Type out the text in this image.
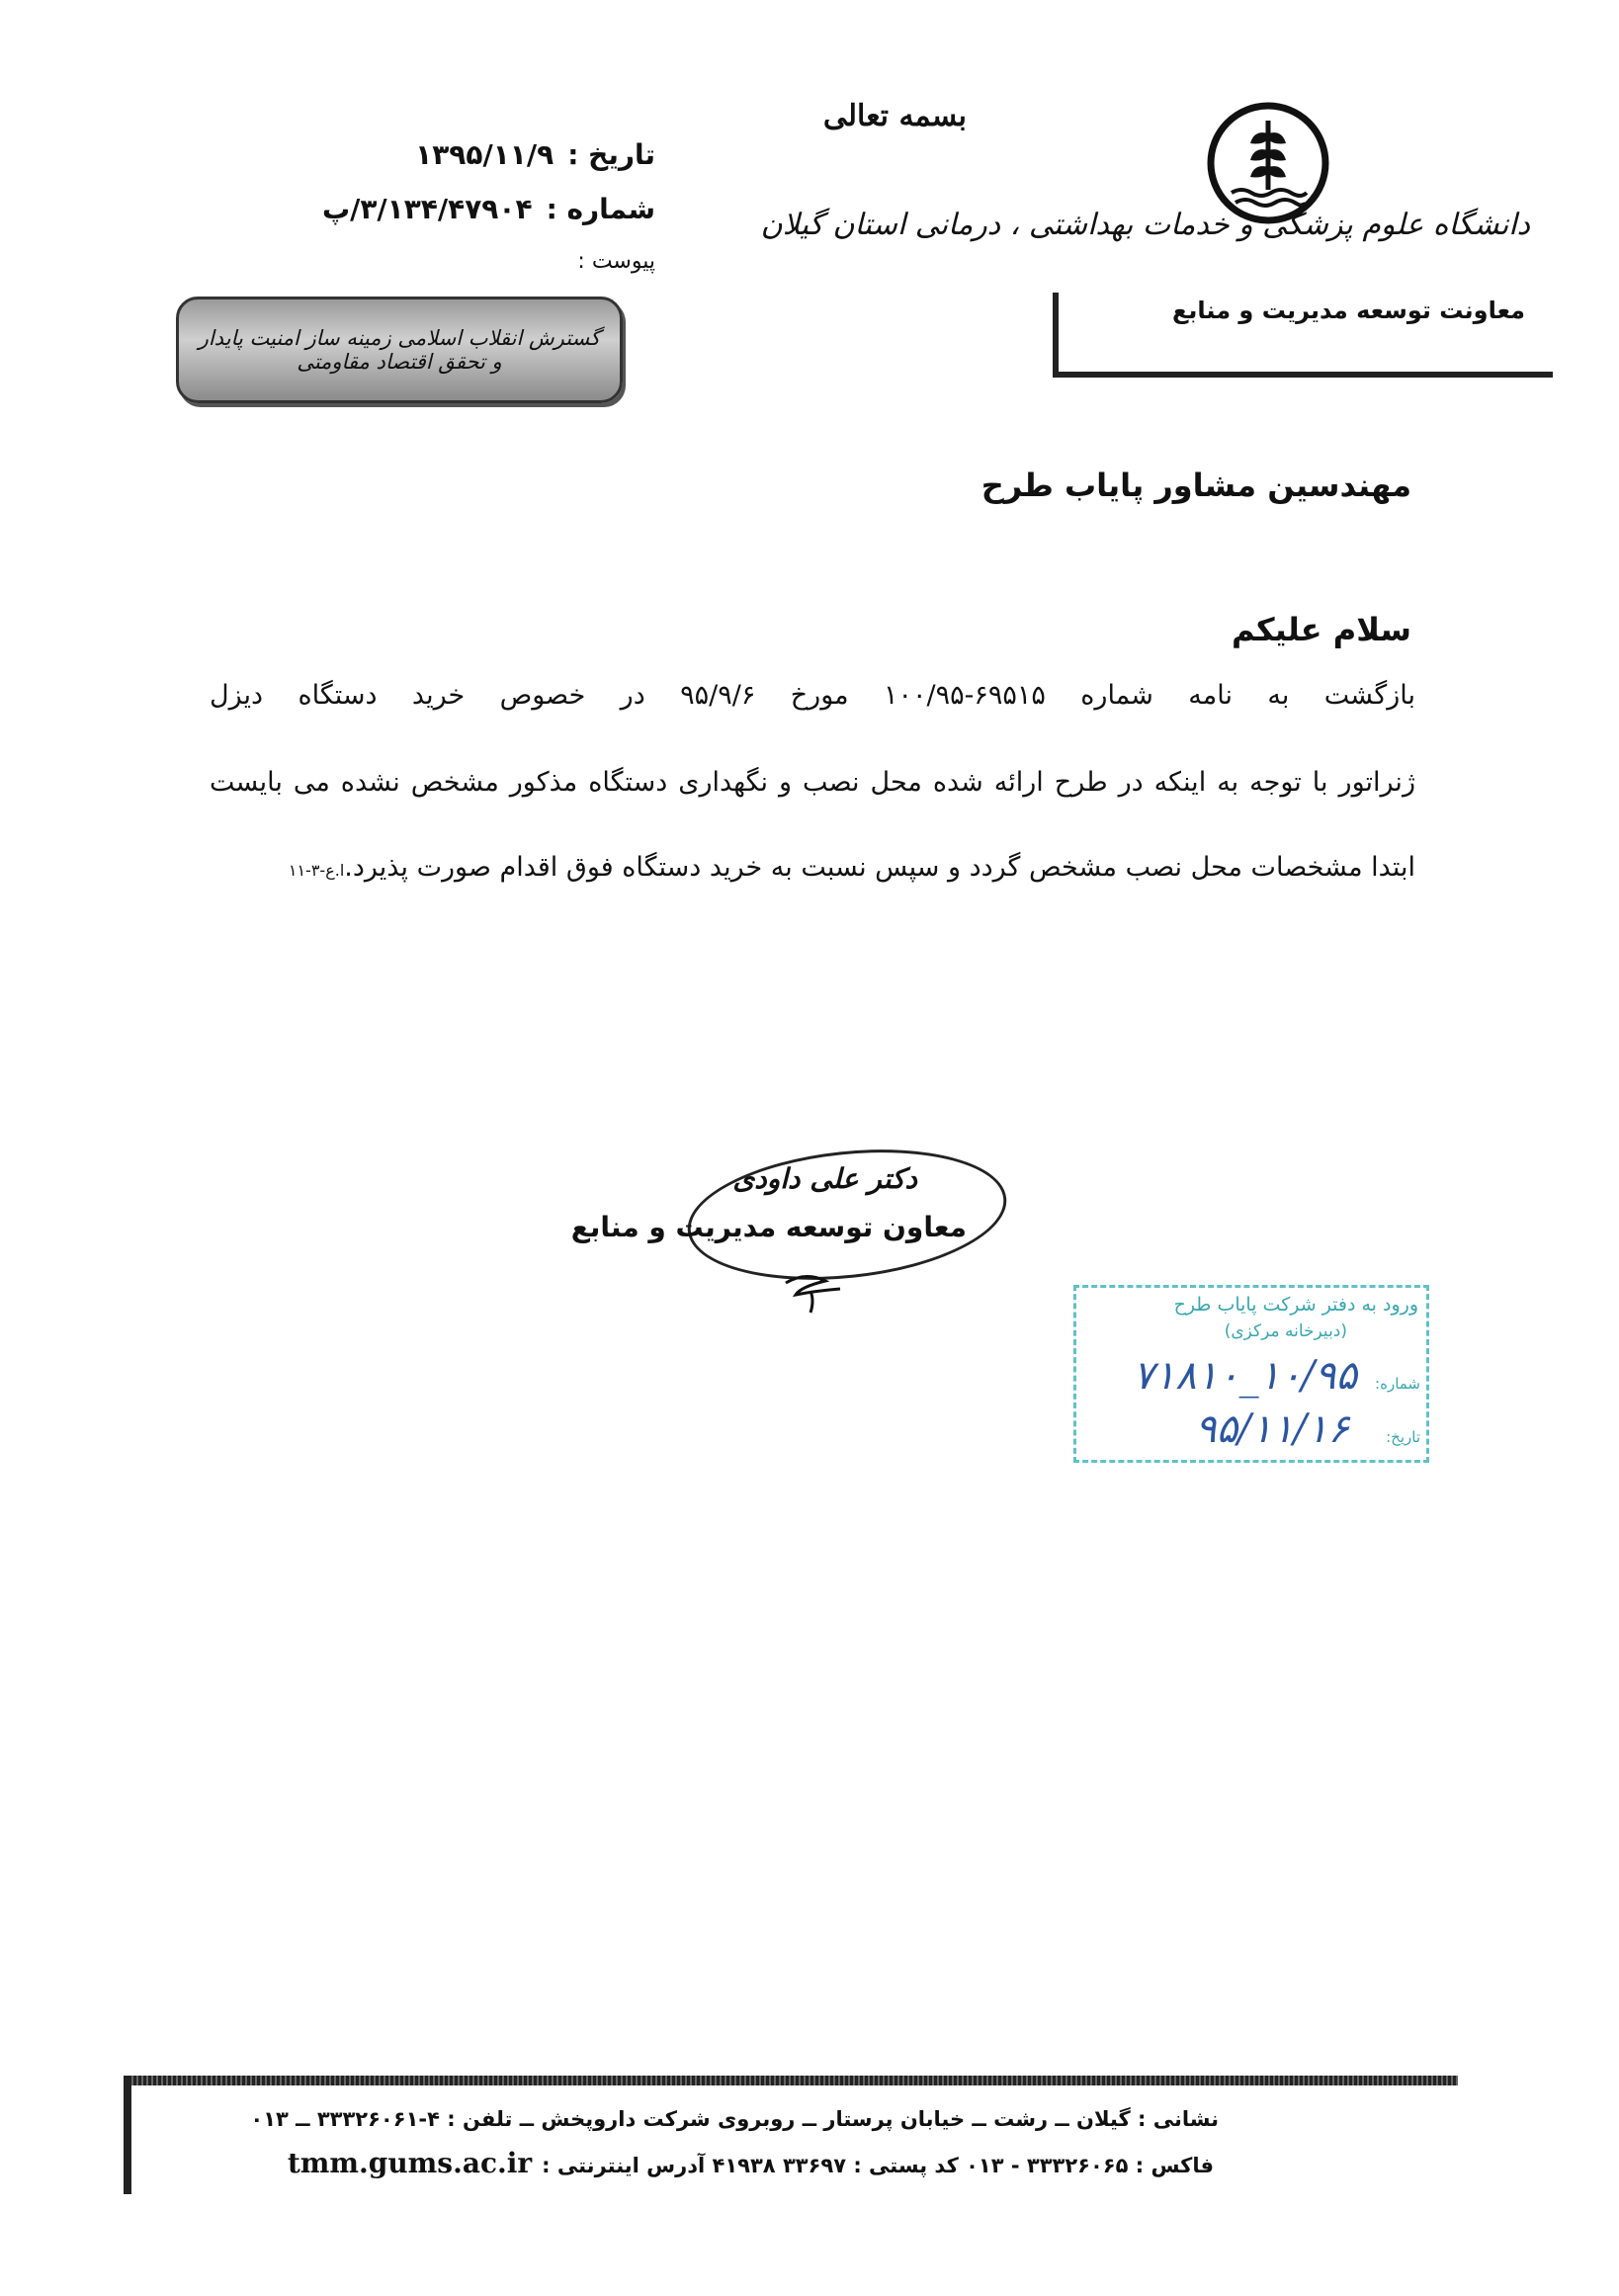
بسمه تعالی
دانشگاه علوم پزشکی و خدمات بهداشتی ، درمانی استان گیلان
معاونت توسعه مدیریت و منابع
تاریخ :۱۳۹۵/۱۱/۹
شماره :۳/۱۳۴/۴۷۹۰۴/پ
پیوست :
گسترش انقلاب اسلامی زمینه ساز امنیت پایدار و تحقق اقتصاد مقاومتی
مهندسین مشاور پایاب طرح
سلام علیکم
بازگشت به نامه شماره ۶۹۵۱۵-۱۰۰/۹۵ مورخ ۹۵/۹/۶ در خصوص خرید دستگاه دیزل
ژنراتور با توجه به اینکه در طرح ارائه شده محل نصب و نگهداری دستگاه مذکور مشخص نشده می بایست
ابتدا مشخصات محل نصب مشخص گردد و سپس نسبت به خرید دستگاه فوق اقدام صورت پذیرد.ا.ع-۳-۱۱
دکتر علی داودی
معاون توسعه مدیریت و منابع
ورود به دفتر شرکت پایاب طرح
(دبیرخانه مرکزی)
شماره:
تاریخ:
۱۰/۹۵_۷۱۸۱۰
۹۵/۱۱/۱۶
نشانی : گیلان ــ رشت ــ خیابان پرستار ــ روبروی شرکت داروپخش ــ تلفن : ۴-۳۳۳۲۶۰۶۱ ــ ۰۱۳
فاکس : ۳۳۳۲۶۰۶۵ - ۰۱۳ کد پستی : ۳۳۶۹۷ ۴۱۹۳۸ آدرس اینترنتی :tmm.gums.ac.ir
